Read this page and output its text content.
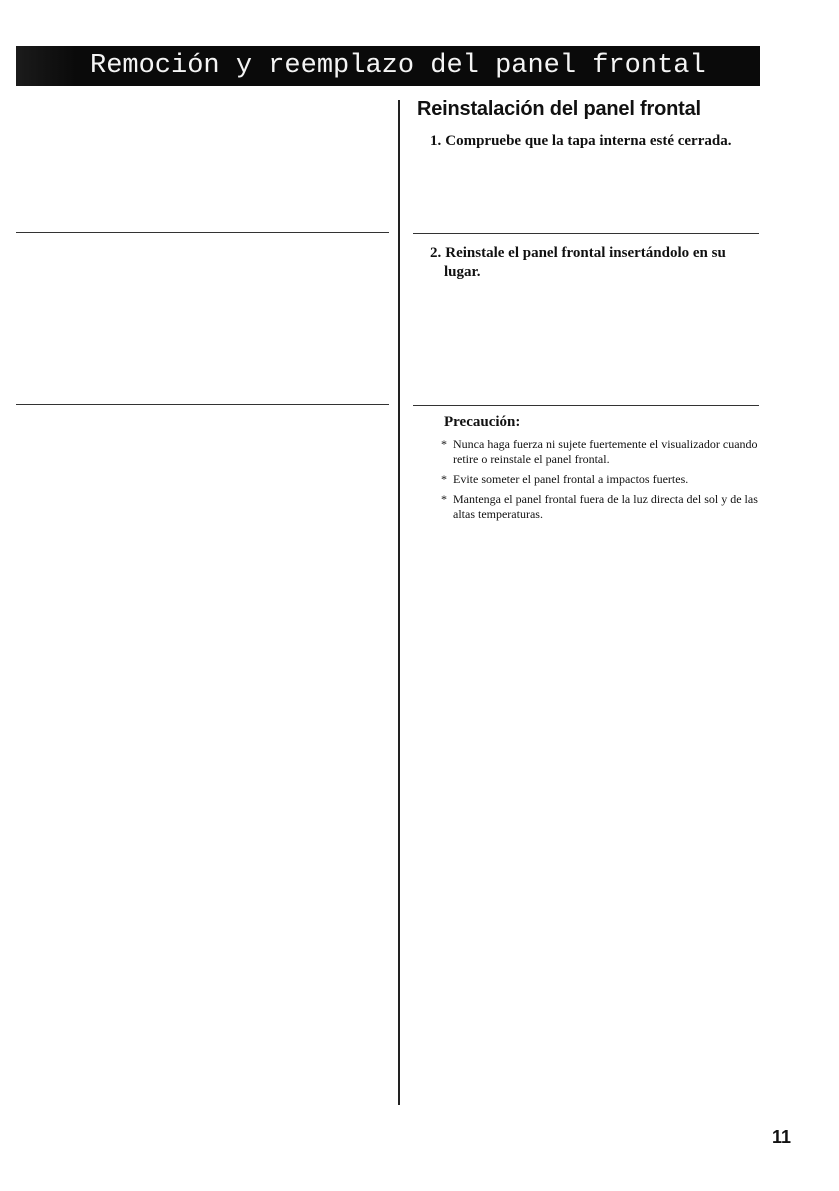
Remoción y reemplazo del panel frontal
Reinstalación del panel frontal
1. Compruebe que la tapa interna esté cerrada.
2. Reinstale el panel frontal insertándolo en su lugar.
Precaución:
* Nunca haga fuerza ni sujete fuertemente el visualizador cuando retire o reinstale el panel frontal.
* Evite someter el panel frontal a impactos fuertes.
* Mantenga el panel frontal fuera de la luz directa del sol y de las altas temperaturas.
11
